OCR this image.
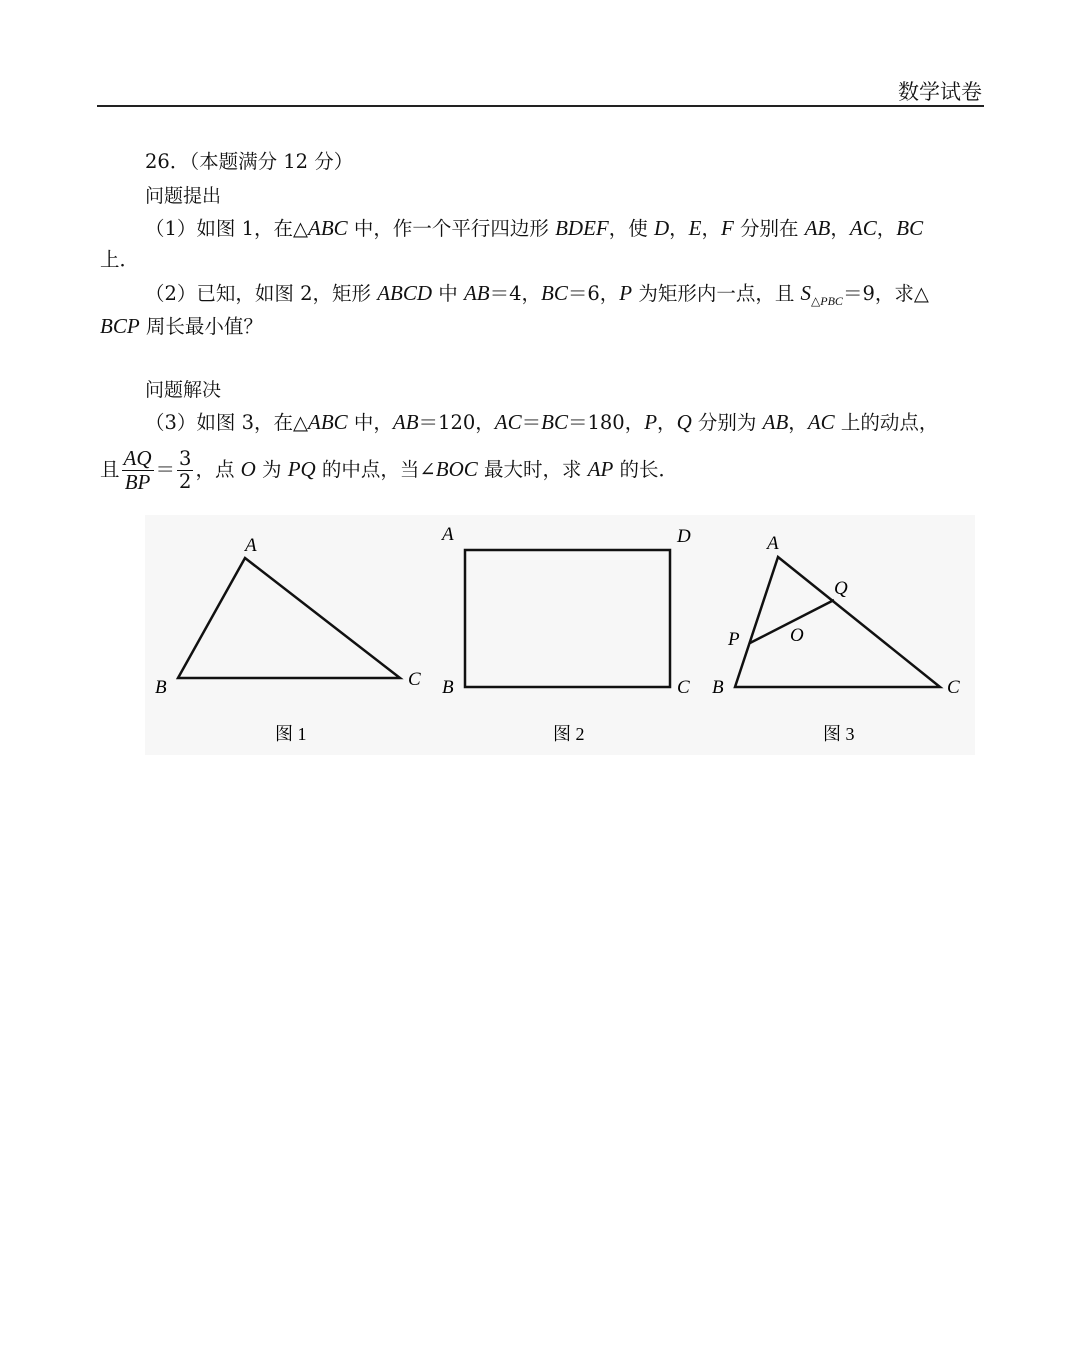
数学试卷
26．（本题满分 12 分）
问题提出
（1）如图 1，在△ABC 中，作一个平行四边形 BDEF，使 D，E，F 分别在 AB，AC，BC
上．
（2）已知，如图 2，矩形 ABCD 中 AB＝4，BC＝6，P 为矩形内一点，且 $S_{\triangle PBC}=9$，求△
BCP 周长最小值？
问题解决
（3）如图 3，在△ABC 中，AB＝120，AC＝BC＝180，P，Q 分别为 AB，AC 上的动点，
且 $\frac{AQ}{BP} = \frac{3}{2}$ ，点 O 为 PQ 的中点，当∠BOC 最大时，求 AP 的长．
A
B	C
图 1
A	D
B	C
图 2
A
B	C
P
Q
O
图 3
